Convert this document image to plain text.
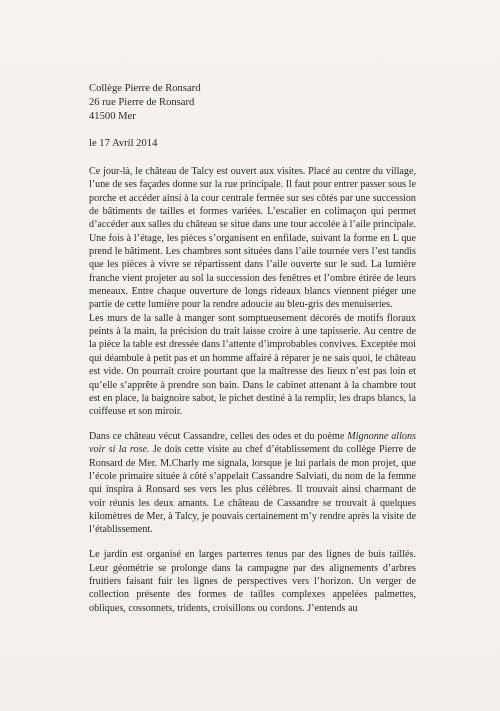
Collège Pierre de Ronsard
26 rue Pierre de Ronsard
41500 Mer
le 17 Avril 2014

Ce jour-là, le château de Talcy est ouvert aux visites. Placé au centre du village, l’une de ses façades donne sur la rue principale. Il faut pour entrer passer sous le porche et accéder ainsi à la cour centrale fermée sur ses côtés par une succession de bâtiments de tailles et formes variées. L’escalier en colimaçon qui permet d’accéder aux salles du château se situe dans une tour accolée à l’aile principale. Une fois à l’étage, les pièces s’organisent en enfilade, suivant la forme en L que prend le bâtiment. Les chambres sont situées dans l’aile tournée vers l’est tandis que les pièces à vivre se répartissent dans l’aile ouverte sur le sud. La lumière franche vient projeter au sol la succession des fenêtres et l’ombre étirée de leurs meneaux. Entre chaque ouverture de longs rideaux blancs viennent piéger une partie de cette lumière pour la rendre adoucie au bleu-gris des menuiseries.

Les murs de la salle à manger sont somptueusement décorés de motifs floraux peints à la main, la précision du trait laisse croire à une tapisserie. Au centre de la pièce la table est dressée dans l’attente d’improbables convives. Exceptée moi qui déambule à petit pas et un homme affairé à réparer je ne sais quoi, le château est vide. On pourrait croire pourtant que la maîtresse des lieux n’est pas loin et qu’elle s’apprête à prendre son bain. Dans le cabinet attenant à la chambre tout est en place, la baignoire sabot, le pichet destiné à la remplir, les draps blancs, la coiffeuse et son miroir.

Dans ce château vécut Cassandre, celles des odes et du poème Mignonne allons voir si la rose. Je dois cette visite au chef d’établissement du collège Pierre de Ronsard de Mer. M.Charly me signala, lorsque je lui parlais de mon projet, que l’école primaire située à côté s’appelait Cassandre Salviati, du nom de la femme qui inspira à Ronsard ses vers les plus célèbres. Il trouvait ainsi charmant de voir réunis les deux amants. Le château de Cassandre se trouvait à quelques kilomètres de Mer, à Talcy, je pouvais certainement m’y rendre après la visite de l’établissement.

Le jardin est organisé en larges parterres tenus par des lignes de buis taillés. Leur géométrie se prolonge dans la campagne par des alignements d’arbres fruitiers faisant fuir les lignes de perspectives vers l’horizon. Un verger de collection présente des formes de tailles complexes appelées palmettes, obliques, cossonnets, tridents, croisillons ou cordons. J’entends au
